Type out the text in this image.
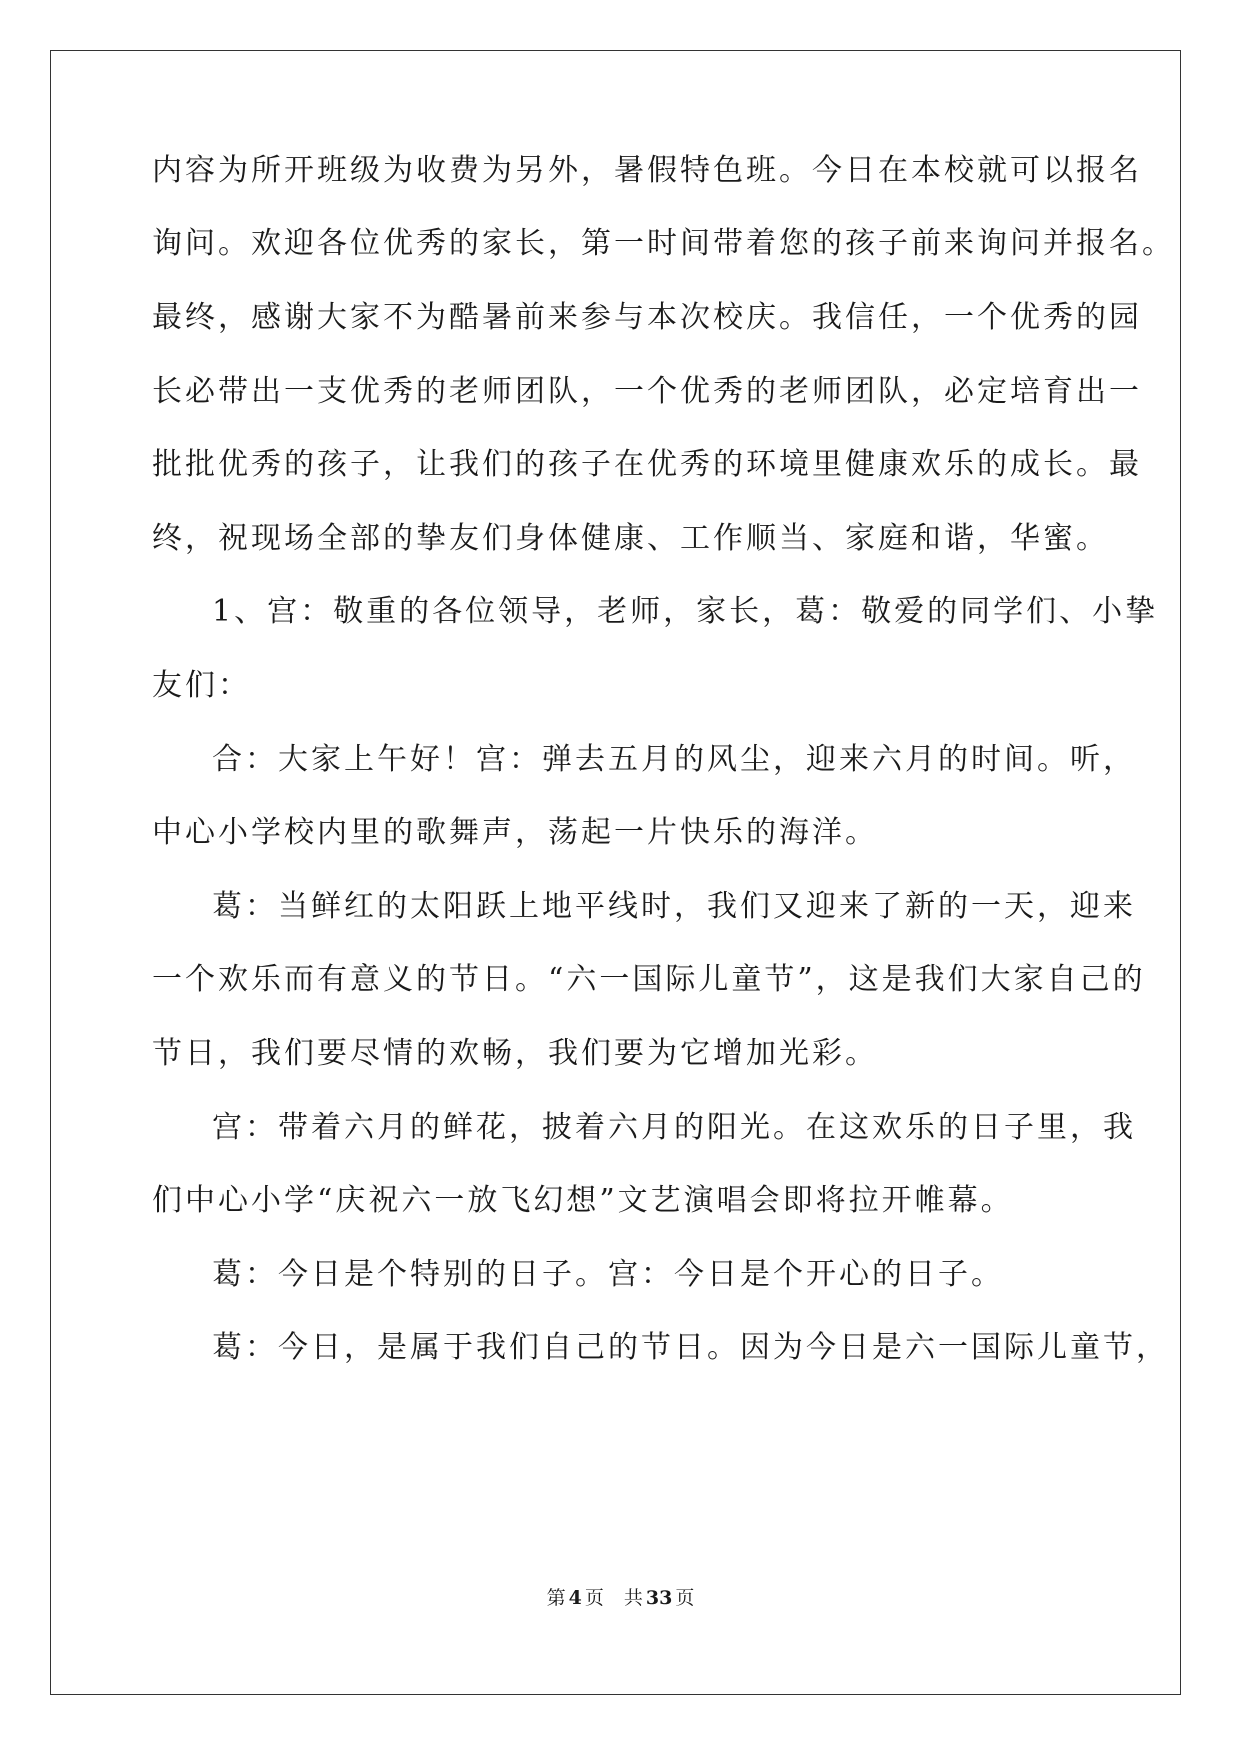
内容为所开班级为收费为另外，暑假特色班。今日在本校就可以报名
询问。欢迎各位优秀的家长，第一时间带着您的孩子前来询问并报名。
最终，感谢大家不为酷暑前来参与本次校庆。我信任，一个优秀的园
长必带出一支优秀的老师团队，一个优秀的老师团队，必定培育出一
批批优秀的孩子，让我们的孩子在优秀的环境里健康欢乐的成长。最
终，祝现场全部的挚友们身体健康、工作顺当、家庭和谐，华蜜。
1、宫：敬重的各位领导，老师，家长，葛：敬爱的同学们、小挚
友们：
合：大家上午好！宫：弹去五月的风尘，迎来六月的时间。听，
中心小学校内里的歌舞声，荡起一片快乐的海洋。
葛：当鲜红的太阳跃上地平线时，我们又迎来了新的一天，迎来
一个欢乐而有意义的节日。“六一国际儿童节”，这是我们大家自己的
节日，我们要尽情的欢畅，我们要为它增加光彩。
宫：带着六月的鲜花，披着六月的阳光。在这欢乐的日子里，我
们中心小学“庆祝六一放飞幻想”文艺演唱会即将拉开帷幕。
葛：今日是个特别的日子。宫：今日是个开心的日子。
葛：今日，是属于我们自己的节日。因为今日是六一国际儿童节，
第 4 页 共 33 页
